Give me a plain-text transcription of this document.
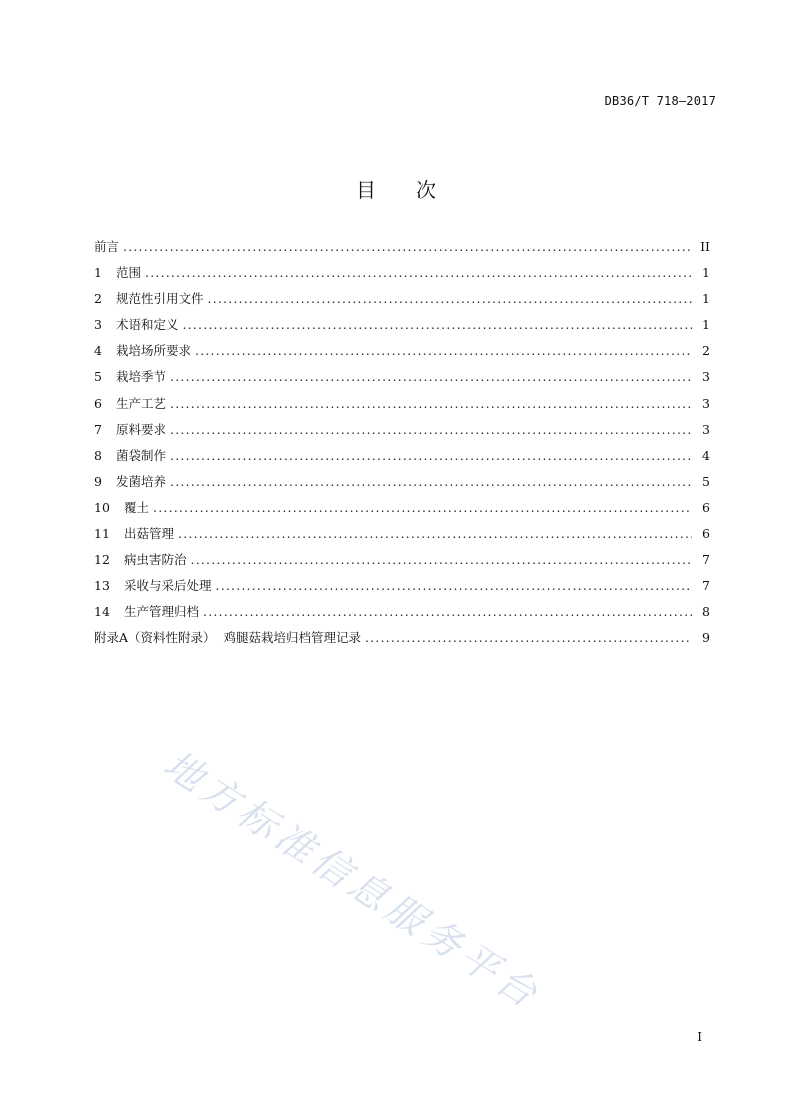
DB36/T 718—2017
目 次
前言 .....	II
1	范围 .....	1
2	规范性引用文件 .....	1
3	术语和定义 .....	1
4	栽培场所要求 .....	2
5	栽培季节 .....	3
6	生产工艺 .....	3
7	原料要求 .....	3
8	菌袋制作 .....	4
9	发菌培养 .....	5
10	覆土 .....	6
11	出菇管理 .....	6
12	病虫害防治 .....	7
13	采收与采后处理 .....	7
14	生产管理归档 .....	8
附录A（资料性附录） 鸡腿菇栽培归档管理记录 .....	9
地方标准信息服务平台
I
